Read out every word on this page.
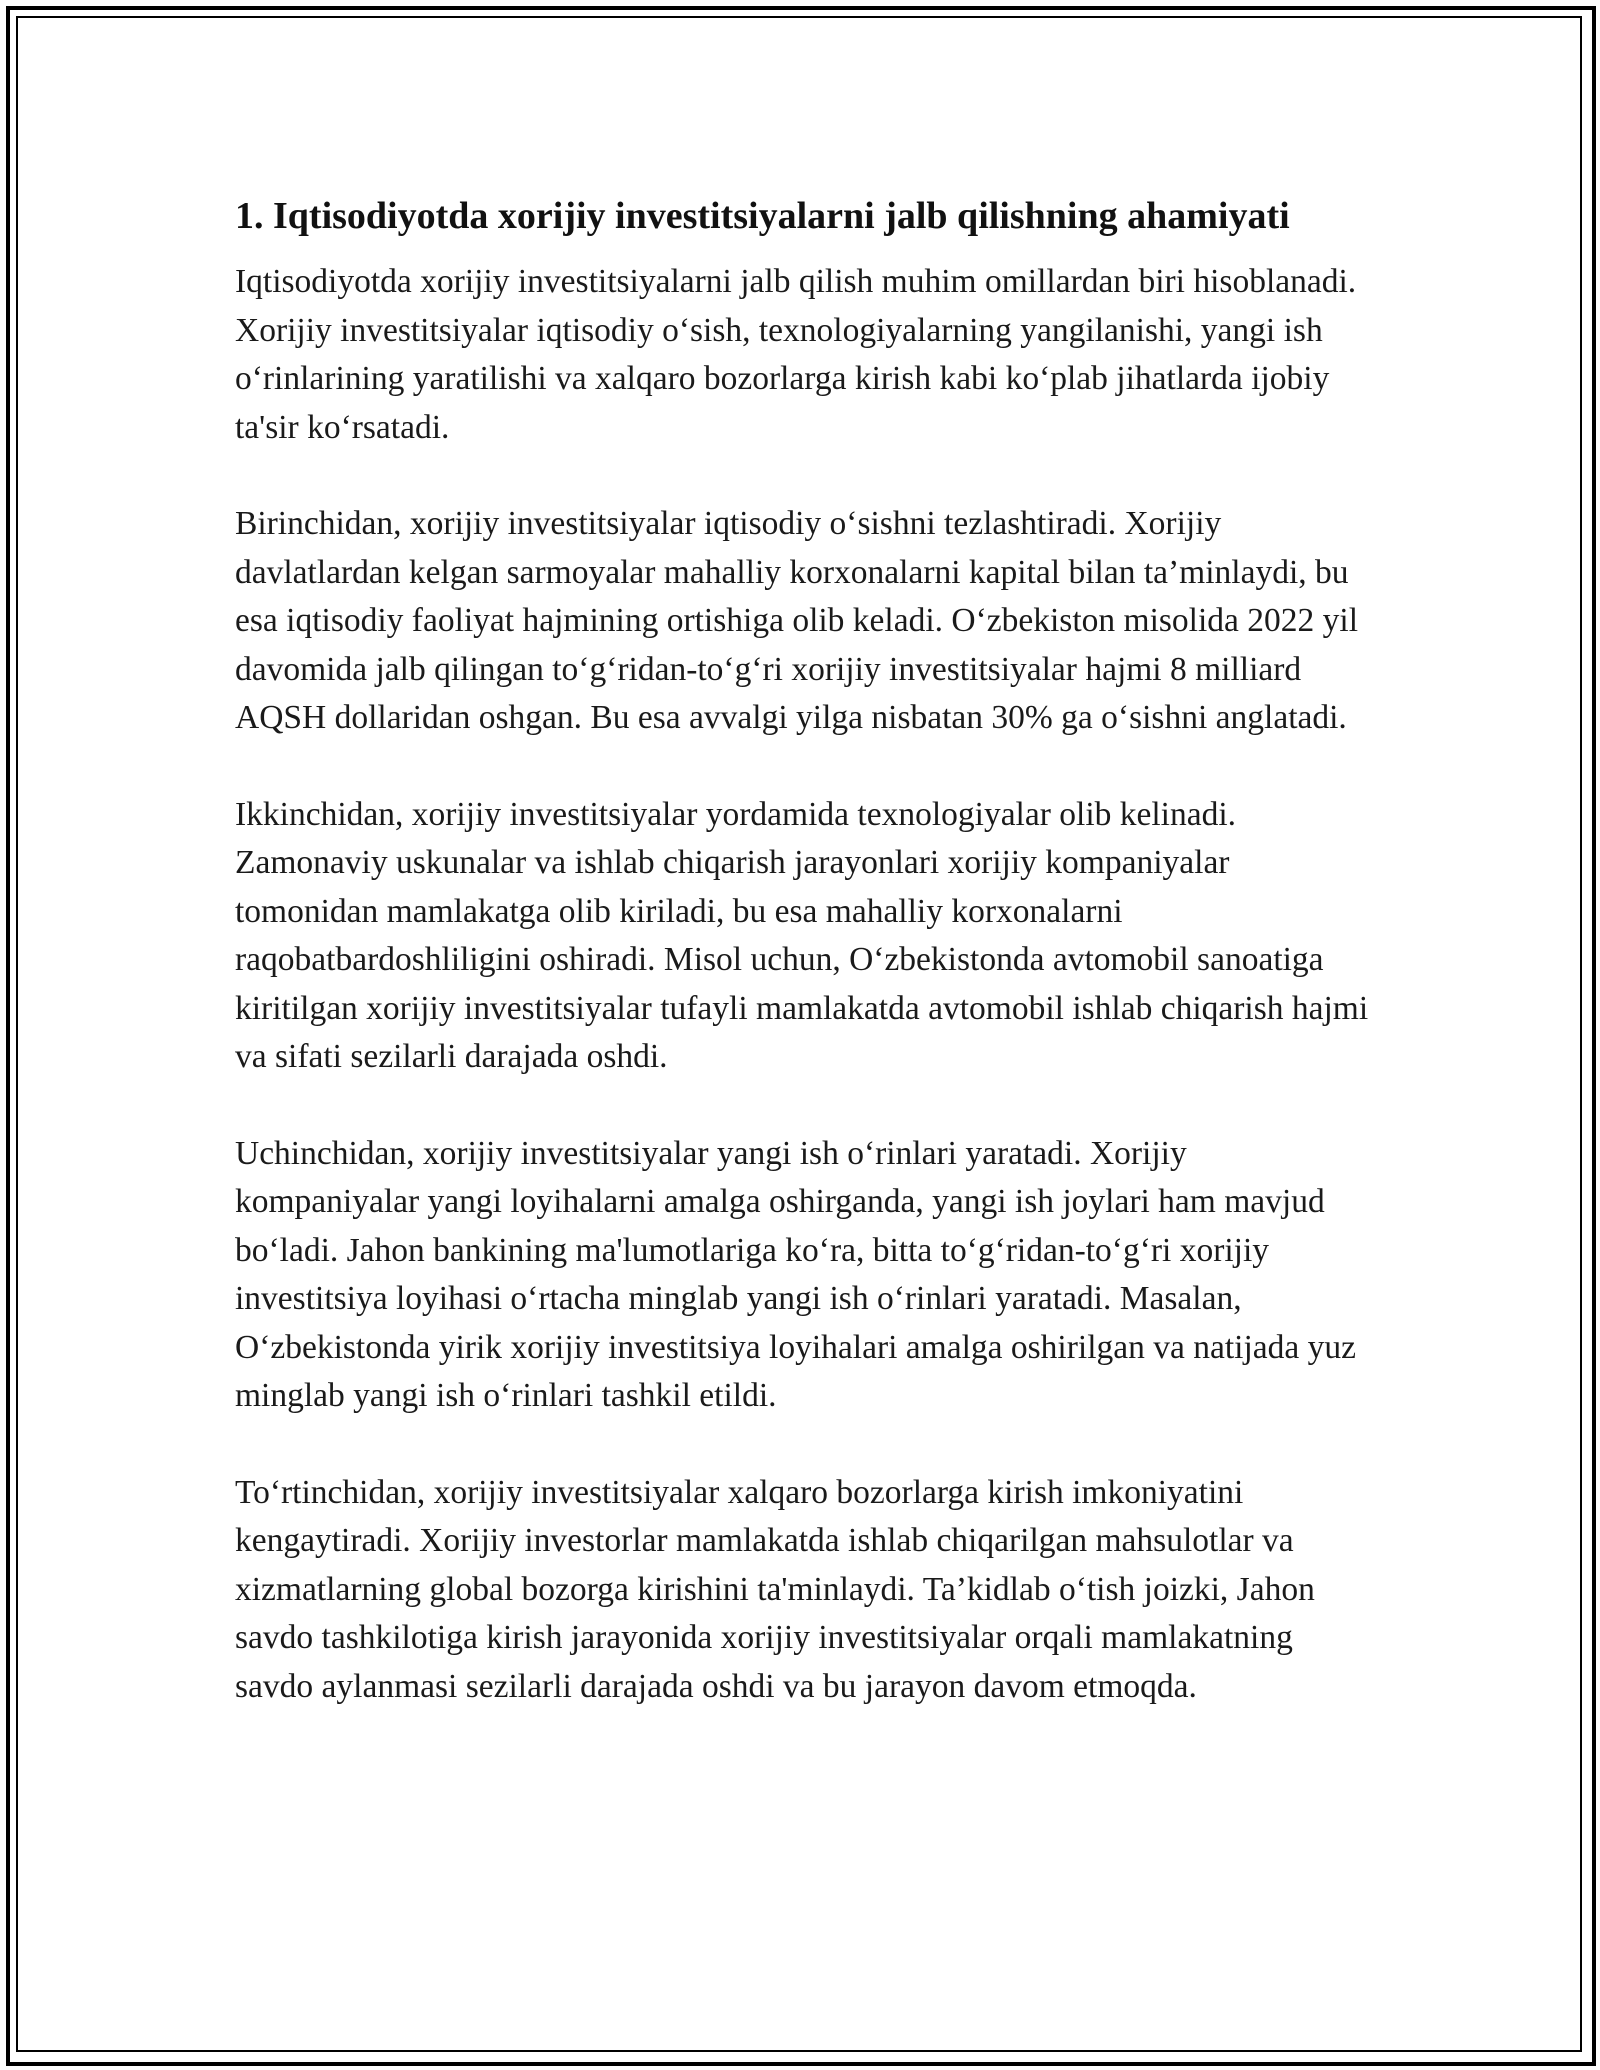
1. Iqtisodiyotda xorijiy investitsiyalarni jalb qilishning ahamiyati

Iqtisodiyotda xorijiy investitsiyalarni jalb qilish muhim omillardan biri hisoblanadi. Xorijiy investitsiyalar iqtisodiy o‘sish, texnologiyalarning yangilanishi, yangi ish o‘rinlarining yaratilishi va xalqaro bozorlarga kirish kabi ko‘plab jihatlarda ijobiy ta'sir ko‘rsatadi.

Birinchidan, xorijiy investitsiyalar iqtisodiy o‘sishni tezlashtiradi. Xorijiy davlatlardan kelgan sarmoyalar mahalliy korxonalarni kapital bilan ta’minlaydi, bu esa iqtisodiy faoliyat hajmining ortishiga olib keladi. O‘zbekiston misolida 2022 yil davomida jalb qilingan to‘g‘ridan-to‘g‘ri xorijiy investitsiyalar hajmi 8 milliard AQSH dollaridan oshgan. Bu esa avvalgi yilga nisbatan 30% ga o‘sishni anglatadi.

Ikkinchidan, xorijiy investitsiyalar yordamida texnologiyalar olib kelinadi. Zamonaviy uskunalar va ishlab chiqarish jarayonlari xorijiy kompaniyalar tomonidan mamlakatga olib kiriladi, bu esa mahalliy korxonalarni raqobatbardoshliligini oshiradi. Misol uchun, O‘zbekistonda avtomobil sanoatiga kiritilgan xorijiy investitsiyalar tufayli mamlakatda avtomobil ishlab chiqarish hajmi va sifati sezilarli darajada oshdi.

Uchinchidan, xorijiy investitsiyalar yangi ish o‘rinlari yaratadi. Xorijiy kompaniyalar yangi loyihalarni amalga oshirganda, yangi ish joylari ham mavjud bo‘ladi. Jahon bankining ma'lumotlariga ko‘ra, bitta to‘g‘ridan-to‘g‘ri xorijiy investitsiya loyihasi o‘rtacha minglab yangi ish o‘rinlari yaratadi. Masalan, O‘zbekistonda yirik xorijiy investitsiya loyihalari amalga oshirilgan va natijada yuz minglab yangi ish o‘rinlari tashkil etildi.

To‘rtinchidan, xorijiy investitsiyalar xalqaro bozorlarga kirish imkoniyatini kengaytiradi. Xorijiy investorlar mamlakatda ishlab chiqarilgan mahsulotlar va xizmatlarning global bozorga kirishini ta'minlaydi. Ta’kidlab o‘tish joizki, Jahon savdo tashkilotiga kirish jarayonida xorijiy investitsiyalar orqali mamlakatning savdo aylanmasi sezilarli darajada oshdi va bu jarayon davom etmoqda.
